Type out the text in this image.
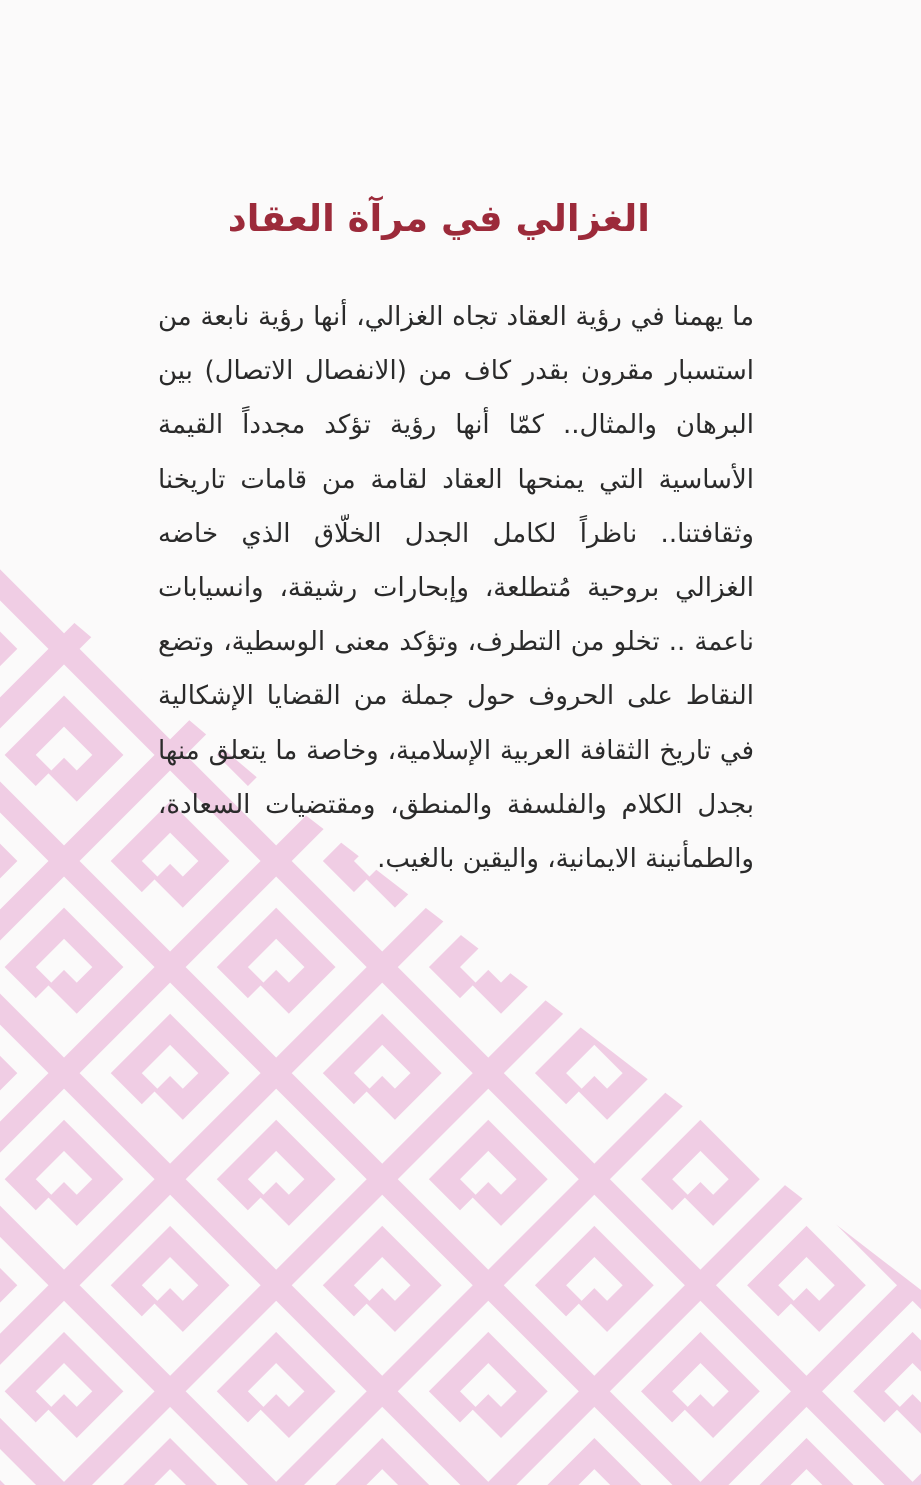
الغزالي في مرآة العقاد
ما يهمنا في رؤية العقاد تجاه الغزالي، أنها رؤية نابعة من
استسبار مقرون بقدر كاف من (الانفصال الاتصال) بين
البرهان والمثال.. كمّا أنها رؤية تؤكد مجدداً القيمة
الأساسية التي يمنحها العقاد لقامة من قامات تاريخنا
وثقافتنا.. ناظراً لكامل الجدل الخلّاق الذي خاضه
الغزالي بروحية مُتطلعة، وإبحارات رشيقة، وانسيابات
ناعمة .. تخلو من التطرف، وتؤكد معنى الوسطية، وتضع
النقاط على الحروف حول جملة من القضايا الإشكالية
في تاريخ الثقافة العربية الإسلامية، وخاصة ما يتعلق منها
بجدل الكلام والفلسفة والمنطق، ومقتضيات السعادة،
والطمأنينة الايمانية، واليقين بالغيب.
